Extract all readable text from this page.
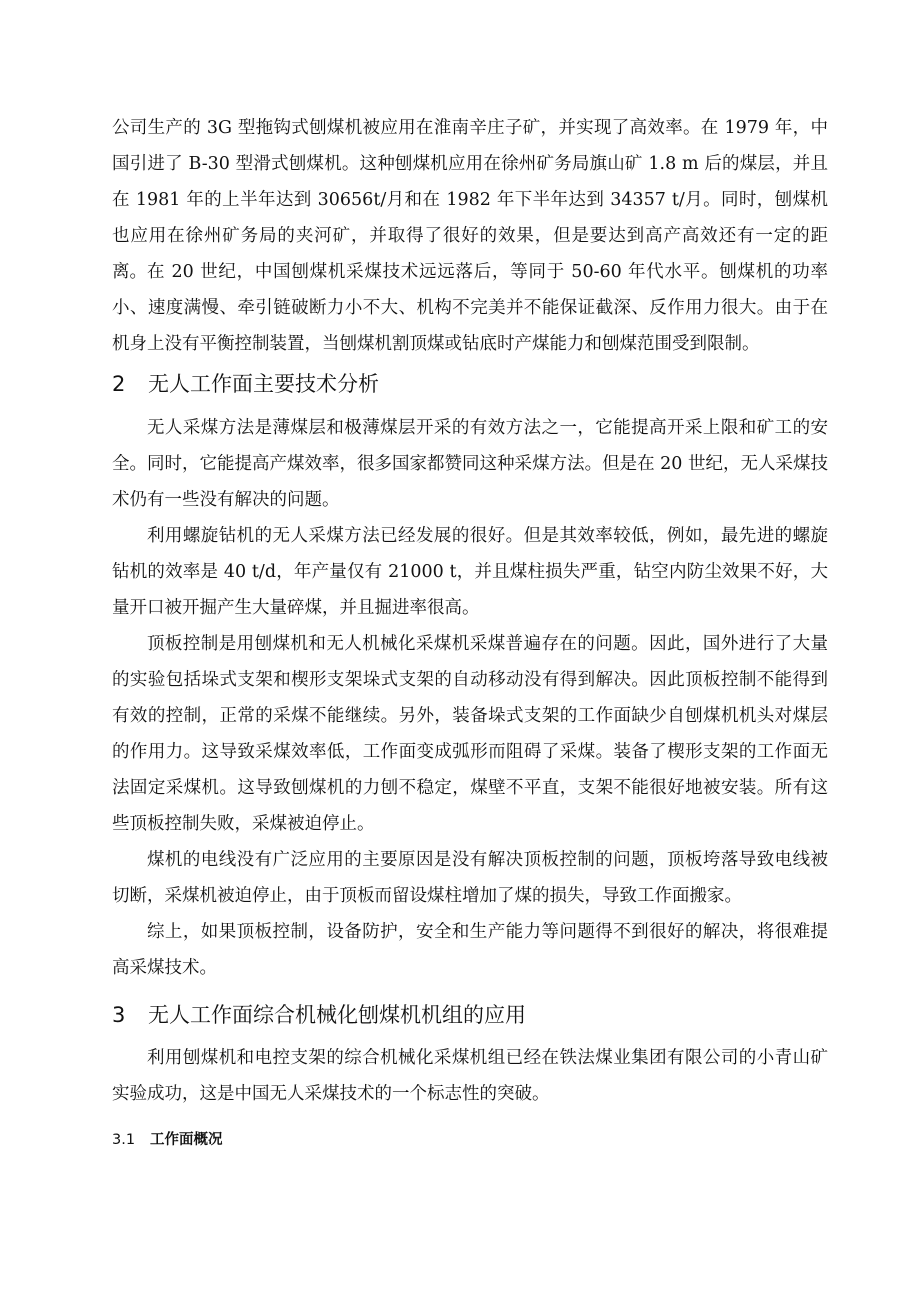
公司生产的 3G 型拖钩式刨煤机被应用在淮南辛庄子矿，并实现了高效率。在 1979 年，中国引进了 B-30 型滑式刨煤机。这种刨煤机应用在徐州矿务局旗山矿 1.8 m 后的煤层，并且在 1981 年的上半年达到 30656t/月和在 1982 年下半年达到 34357 t/月。同时，刨煤机也应用在徐州矿务局的夹河矿，并取得了很好的效果，但是要达到高产高效还有一定的距离。 在 20 世纪，中国刨煤机采煤技术远远落后，等同于 50-60 年代水平。刨煤机的功率小、速度满慢、牵引链破断力小不大、机构不完美并不能保证截深、反作用力很大。由于在机身上没有平衡控制装置，当刨煤机割顶煤或钻底时产煤能力和刨煤范围受到限制。

2 无人工作面主要技术分析

无人采煤方法是薄煤层和极薄煤层开采的有效方法之一，它能提高开采上限和矿工的安全。同时，它能提高产煤效率，很多国家都赞同这种采煤方法。但是在 20 世纪，无人采煤技术仍有一些没有解决的问题。

利用螺旋钻机的无人采煤方法已经发展的很好。但是其效率较低，例如，最先进的螺旋钻机的效率是 40 t/d，年产量仅有 21000 t，并且煤柱损失严重，钻空内防尘效果不好，大量开口被开掘产生大量碎煤，并且掘进率很高。

顶板控制是用刨煤机和无人机械化采煤机采煤普遍存在的问题。因此，国外进行了大量的实验包括垛式支架和楔形支架垛式支架的自动移动没有得到解决。因此顶板控制不能得到有效的控制，正常的采煤不能继续。另外，装备垛式支架的工作面缺少自刨煤机机头对煤层的作用力。这导致采煤效率低，工作面变成弧形而阻碍了采煤。装备了楔形支架的工作面无法固定采煤机。这导致刨煤机的力刨不稳定，煤壁不平直，支架不能很好地被安装。所有这些顶板控制失败，采煤被迫停止。

煤机的电线没有广泛应用的主要原因是没有解决顶板控制的问题，顶板垮落导致电线被切断，采煤机被迫停止，由于顶板而留设煤柱增加了煤的损失，导致工作面搬家。

综上，如果顶板控制，设备防护，安全和生产能力等问题得不到很好的解决，将很难提高采煤技术。

3 无人工作面综合机械化刨煤机机组的应用

利用刨煤机和电控支架的综合机械化采煤机组已经在铁法煤业集团有限公司的小青山矿实验成功，这是中国无人采煤技术的一个标志性的突破。

3.1 工作面概况
